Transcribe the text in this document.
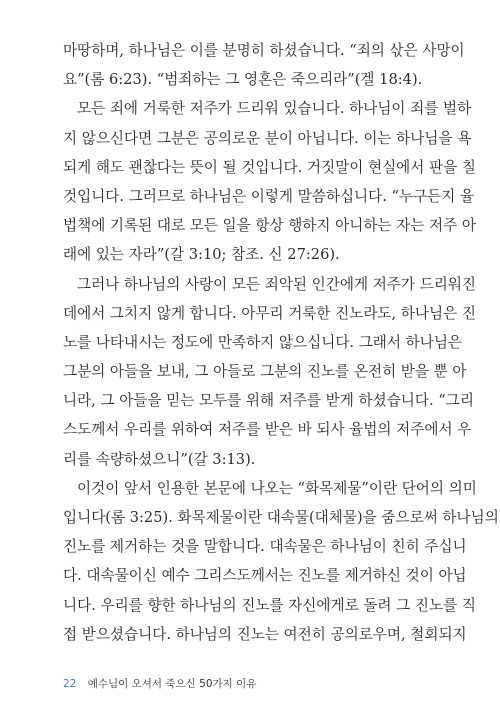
마땅하며, 하나님은 이를 분명히 하셨습니다. “죄의 삯은 사망이
요”(롬 6:23). “범죄하는 그 영혼은 죽으리라”(겔 18:4).
모든 죄에 거룩한 저주가 드리워 있습니다. 하나님이 죄를 벌하
지 않으신다면 그분은 공의로운 분이 아닙니다. 이는 하나님을 욕
되게 해도 괜찮다는 뜻이 될 것입니다. 거짓말이 현실에서 판을 칠
것입니다. 그러므로 하나님은 이렇게 말씀하십니다. “누구든지 율
법책에 기록된 대로 모든 일을 항상 행하지 아니하는 자는 저주 아
래에 있는 자라”(갈 3:10; 참조. 신 27:26).
그러나 하나님의 사랑이 모든 죄악된 인간에게 저주가 드리워진
데에서 그치지 않게 합니다. 아무리 거룩한 진노라도, 하나님은 진
노를 나타내시는 정도에 만족하지 않으십니다. 그래서 하나님은
그분의 아들을 보내, 그 아들로 그분의 진노를 온전히 받을 뿐 아
니라, 그 아들을 믿는 모두를 위해 저주를 받게 하셨습니다. “그리
스도께서 우리를 위하여 저주를 받은 바 되사 율법의 저주에서 우
리를 속량하셨으니”(갈 3:13).
이것이 앞서 인용한 본문에 나오는 “화목제물”이란 단어의 의미
입니다(롬 3:25). 화목제물이란 대속물(대체물)을 줌으로써 하나님의
진노를 제거하는 것을 말합니다. 대속물은 하나님이 친히 주십니
다. 대속물이신 예수 그리스도께서는 진노를 제거하신 것이 아닙
니다. 우리를 향한 하나님의 진노를 자신에게로 돌려 그 진노를 직
접 받으셨습니다. 하나님의 진노는 여전히 공의로우며, 철회되지
22 예수님이 오셔서 죽으신 50가지 이유
